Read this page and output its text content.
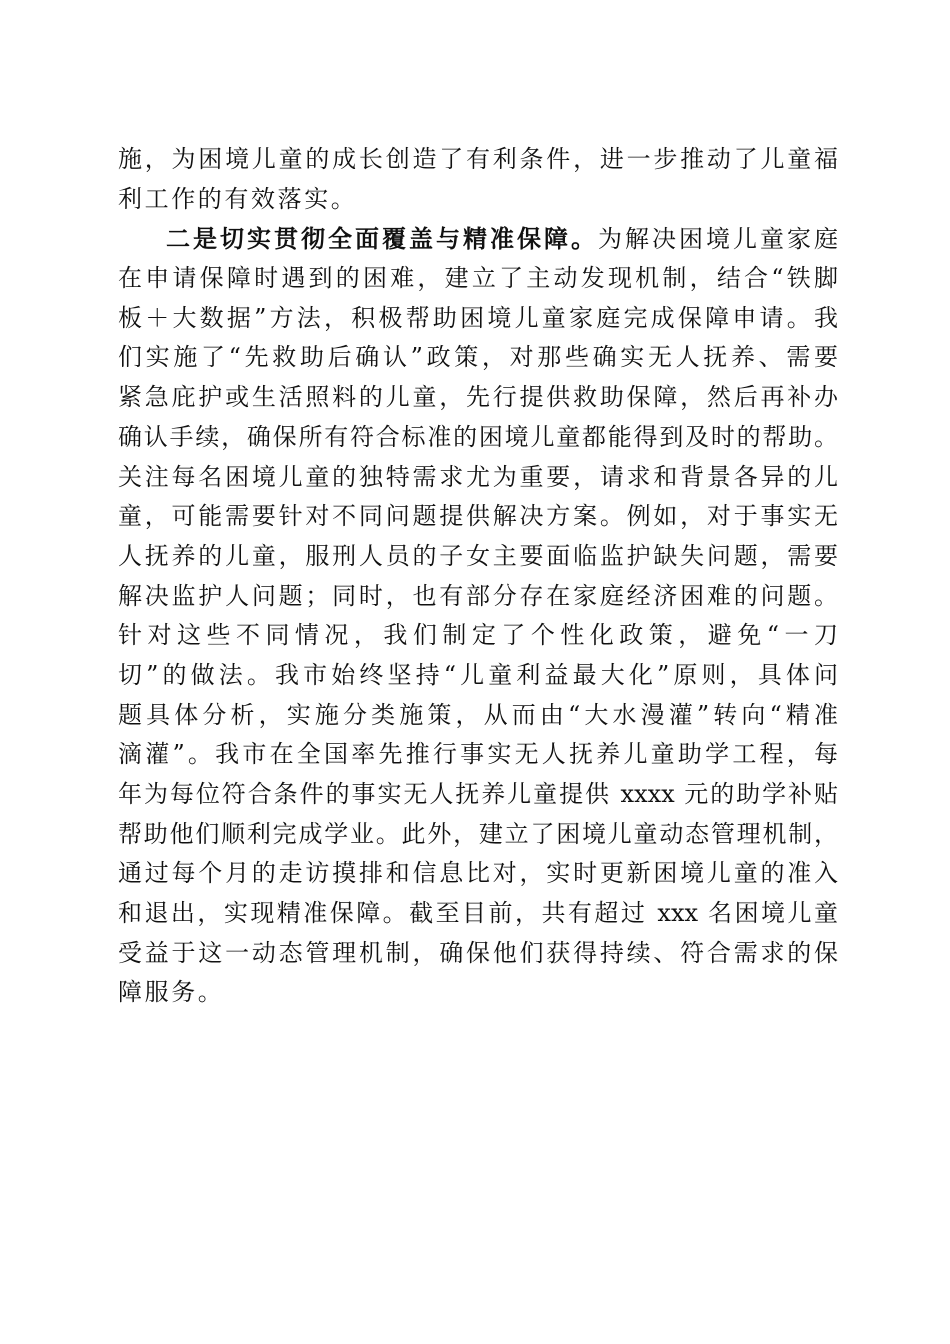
施，为困境儿童的成长创造了有利条件，进一步推动了儿童福
利工作的有效落实。
二是切实贯彻全面覆盖与精准保障。为解决困境儿童家庭
在申请保障时遇到的困难，建立了主动发现机制，结合“铁脚
板＋大数据”方法，积极帮助困境儿童家庭完成保障申请。我
们实施了“先救助后确认”政策，对那些确实无人抚养、需要
紧急庇护或生活照料的儿童，先行提供救助保障，然后再补办
确认手续，确保所有符合标准的困境儿童都能得到及时的帮助。
关注每名困境儿童的独特需求尤为重要，请求和背景各异的儿
童，可能需要针对不同问题提供解决方案。例如，对于事实无
人抚养的儿童，服刑人员的子女主要面临监护缺失问题，需要
解决监护人问题；同时，也有部分存在家庭经济困难的问题。
针对这些不同情况，我们制定了个性化政策，避免“一刀
切”的做法。我市始终坚持“儿童利益最大化”原则，具体问
题具体分析，实施分类施策，从而由“大水漫灌”转向“精准
滴灌”。我市在全国率先推行事实无人抚养儿童助学工程，每
年为每位符合条件的事实无人抚养儿童提供 xxxx 元的助学补贴
帮助他们顺利完成学业。此外，建立了困境儿童动态管理机制，
通过每个月的走访摸排和信息比对，实时更新困境儿童的准入
和退出，实现精准保障。截至目前，共有超过 xxx 名困境儿童
受益于这一动态管理机制，确保他们获得持续、符合需求的保
障服务。
